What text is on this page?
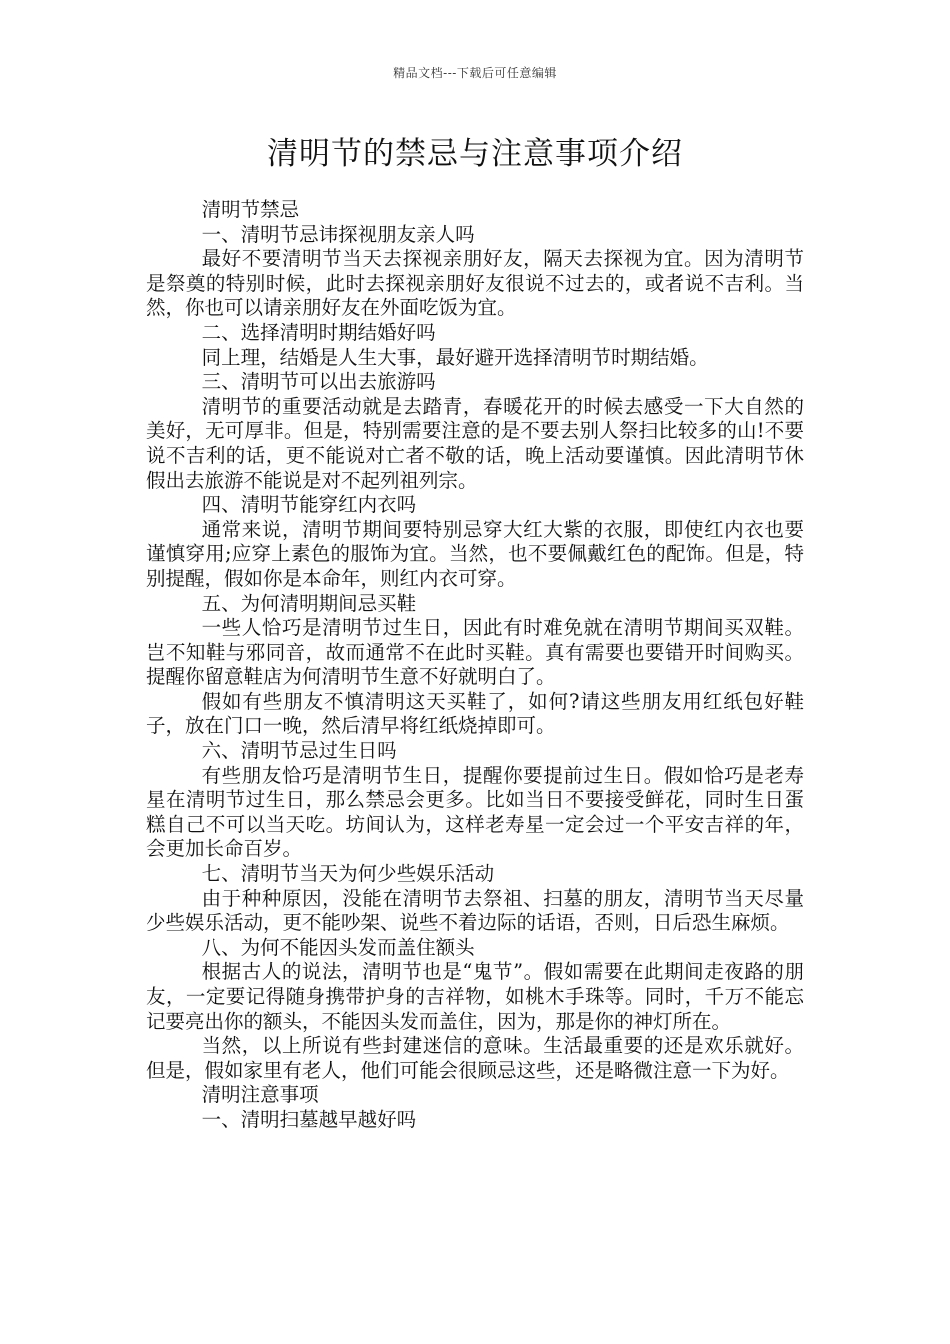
精品文档---下载后可任意编辑
清明节的禁忌与注意事项介绍

清明节禁忌

一、清明节忌讳探视朋友亲人吗

最好不要清明节当天去探视亲朋好友，隔天去探视为宜。因为清明节是祭奠的特别时候，此时去探视亲朋好友很说不过去的，或者说不吉利。当然，你也可以请亲朋好友在外面吃饭为宜。

二、选择清明时期结婚好吗

同上理，结婚是人生大事，最好避开选择清明节时期结婚。

三、清明节可以出去旅游吗

清明节的重要活动就是去踏青，春暖花开的时候去感受一下大自然的美好，无可厚非。但是，特别需要注意的是不要去别人祭扫比较多的山!不要说不吉利的话，更不能说对亡者不敬的话，晚上活动要谨慎。因此清明节休假出去旅游不能说是对不起列祖列宗。

四、清明节能穿红内衣吗

通常来说，清明节期间要特别忌穿大红大紫的衣服，即使红内衣也要谨慎穿用;应穿上素色的服饰为宜。当然，也不要佩戴红色的配饰。但是，特别提醒，假如你是本命年，则红内衣可穿。

五、为何清明期间忌买鞋

一些人恰巧是清明节过生日，因此有时难免就在清明节期间买双鞋。岂不知鞋与邪同音，故而通常不在此时买鞋。真有需要也要错开时间购买。提醒你留意鞋店为何清明节生意不好就明白了。

假如有些朋友不慎清明这天买鞋了，如何?请这些朋友用红纸包好鞋子，放在门口一晚，然后清早将红纸烧掉即可。

六、清明节忌过生日吗

有些朋友恰巧是清明节生日，提醒你要提前过生日。假如恰巧是老寿星在清明节过生日，那么禁忌会更多。比如当日不要接受鲜花，同时生日蛋糕自己不可以当天吃。坊间认为，这样老寿星一定会过一个平安吉祥的年，会更加长命百岁。

七、清明节当天为何少些娱乐活动

由于种种原因，没能在清明节去祭祖、扫墓的朋友，清明节当天尽量少些娱乐活动，更不能吵架、说些不着边际的话语，否则，日后恐生麻烦。

八、为何不能因头发而盖住额头

根据古人的说法，清明节也是“鬼节”。假如需要在此期间走夜路的朋友，一定要记得随身携带护身的吉祥物，如桃木手珠等。同时，千万不能忘记要亮出你的额头，不能因头发而盖住，因为，那是你的神灯所在。

当然，以上所说有些封建迷信的意味。生活最重要的还是欢乐就好。但是，假如家里有老人，他们可能会很顾忌这些，还是略微注意一下为好。

清明注意事项

一、清明扫墓越早越好吗
